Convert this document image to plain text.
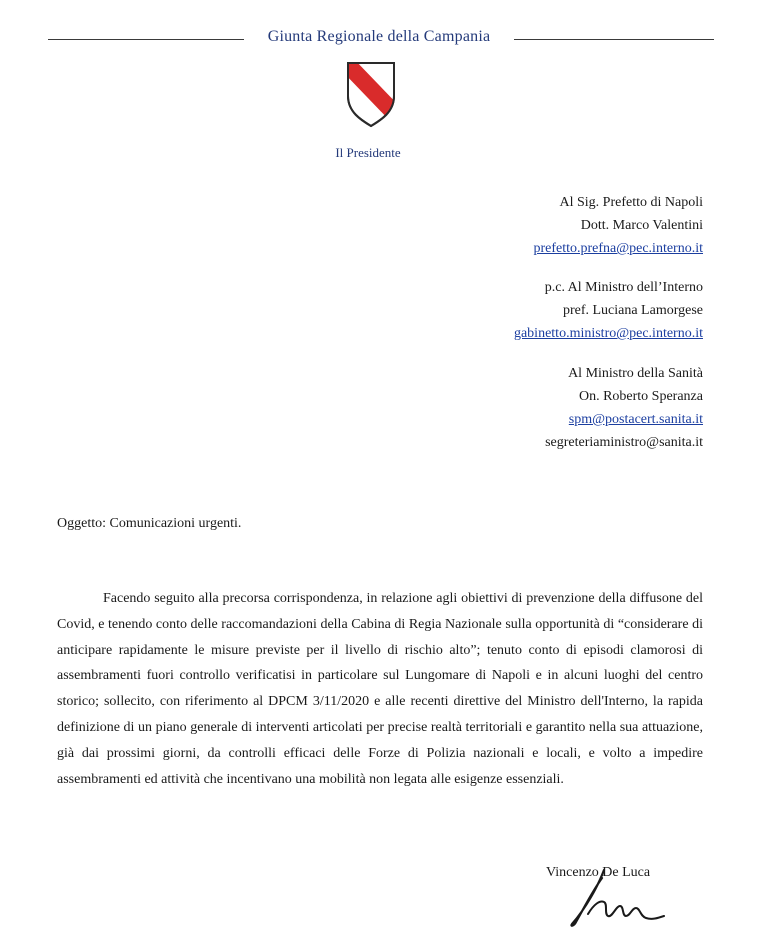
Giunta Regionale della Campania
Il Presidente
Al Sig. Prefetto di Napoli
Dott. Marco Valentini
prefetto.prefna@pec.interno.it
p.c. Al Ministro dell’Interno
pref. Luciana Lamorgese
gabinetto.ministro@pec.interno.it
Al Ministro della Sanità
On. Roberto Speranza
spm@postacert.sanita.it
segreteriaministro@sanita.it
Oggetto: Comunicazioni urgenti.

Facendo seguito alla precorsa corrispondenza, in relazione agli obiettivi di prevenzione della diffusone del Covid, e tenendo conto delle raccomandazioni della Cabina di Regia Nazionale sulla opportunità di “considerare di anticipare rapidamente le misure previste per il livello di rischio alto”; tenuto conto di episodi clamorosi di assembramenti fuori controllo verificatisi in particolare sul Lungomare di Napoli e in alcuni luoghi del centro storico; sollecito, con riferimento al DPCM 3/11/2020 e alle recenti direttive del Ministro dell'Interno, la rapida definizione di un piano generale di interventi articolati per precise realtà territoriali e garantito nella sua attuazione, già dai prossimi giorni, da controlli efficaci delle Forze di Polizia nazionali e locali, e volto a impedire assembramenti ed attività che incentivano una mobilità non legata alle esigenze essenziali.

Vincenzo De Luca
